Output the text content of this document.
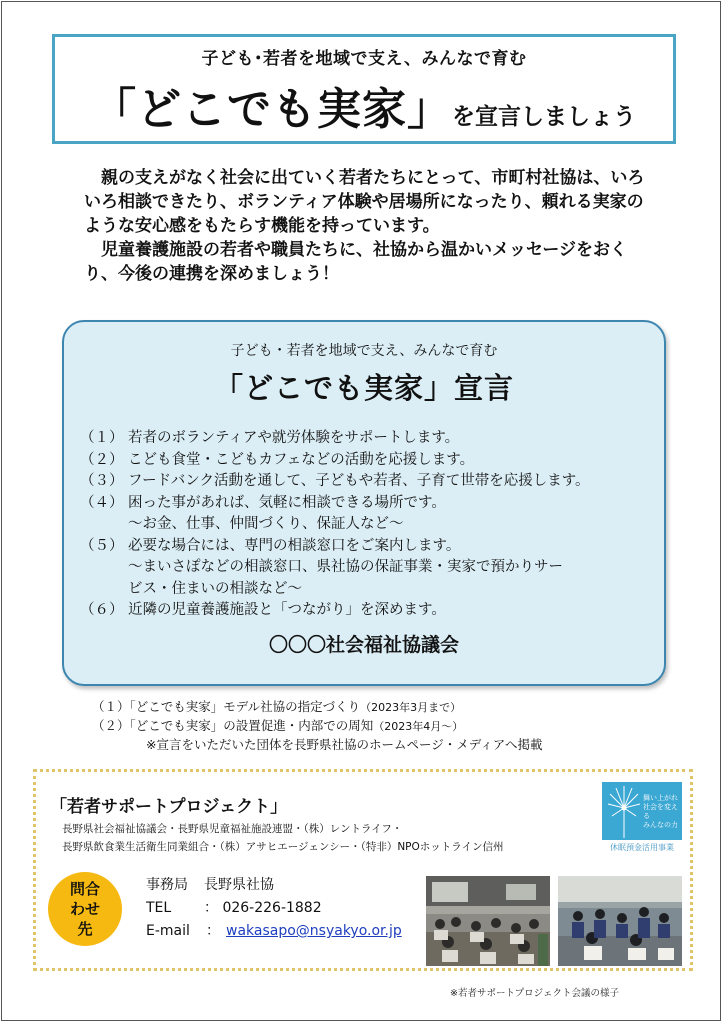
子ども･若者を地域で支え、みんなで育む
「どこでも実家」を宣言しましょう

親の支えがなく社会に出ていく若者たちにとって、市町村社協は、いろいろ相談できたり、ボランティア体験や居場所になったり、頼れる実家のような安心感をもたらす機能を持っています。

児童養護施設の若者や職員たちに、社協から温かいメッセージをおくり、今後の連携を深めましょう！

子ども・若者を地域で支え、みんなで育む
「どこでも実家」宣言
（１） 若者のボランティアや就労体験をサポートします。
（２） こども食堂・こどもカフェなどの活動を応援します。
（３） フードバンク活動を通して、子どもや若者、子育て世帯を応援します。
（４） 困った事があれば、気軽に相談できる場所です。
～お金、仕事、仲間づくり、保証人など～
（５） 必要な場合には、専門の相談窓口をご案内します。
～まいさぽなどの相談窓口、県社協の保証事業・実家で預かりサー
ビス・住まいの相談など～
（６） 近隣の児童養護施設と「つながり」を深めます。
〇〇〇社会福祉協議会
（１）「どこでも実家」モデル社協の指定づくり（2023年3月まで）
（２）「どこでも実家」の設置促進・内部での周知（2023年4月～）
※宣言をいただいた団体を長野県社協のホームページ・メディアへ掲載
「若者サポートプロジェクト」
長野県社会福祉協議会・長野県児童福祉施設連盟・（株）レントライフ・
長野県飲食業生活衛生同業組合・（株）アサヒエージェンシー・（特非）NPOホットライン信州
舞い上がれ
社会を変える
みんなの力
休眠預金活用事業
問合わせ先
事務局	長野県社協
TEL	： 026-226-1882
E-mail	： wakasapo@nsyakyo.or.jp
※若者サポートプロジェクト会議の様子
